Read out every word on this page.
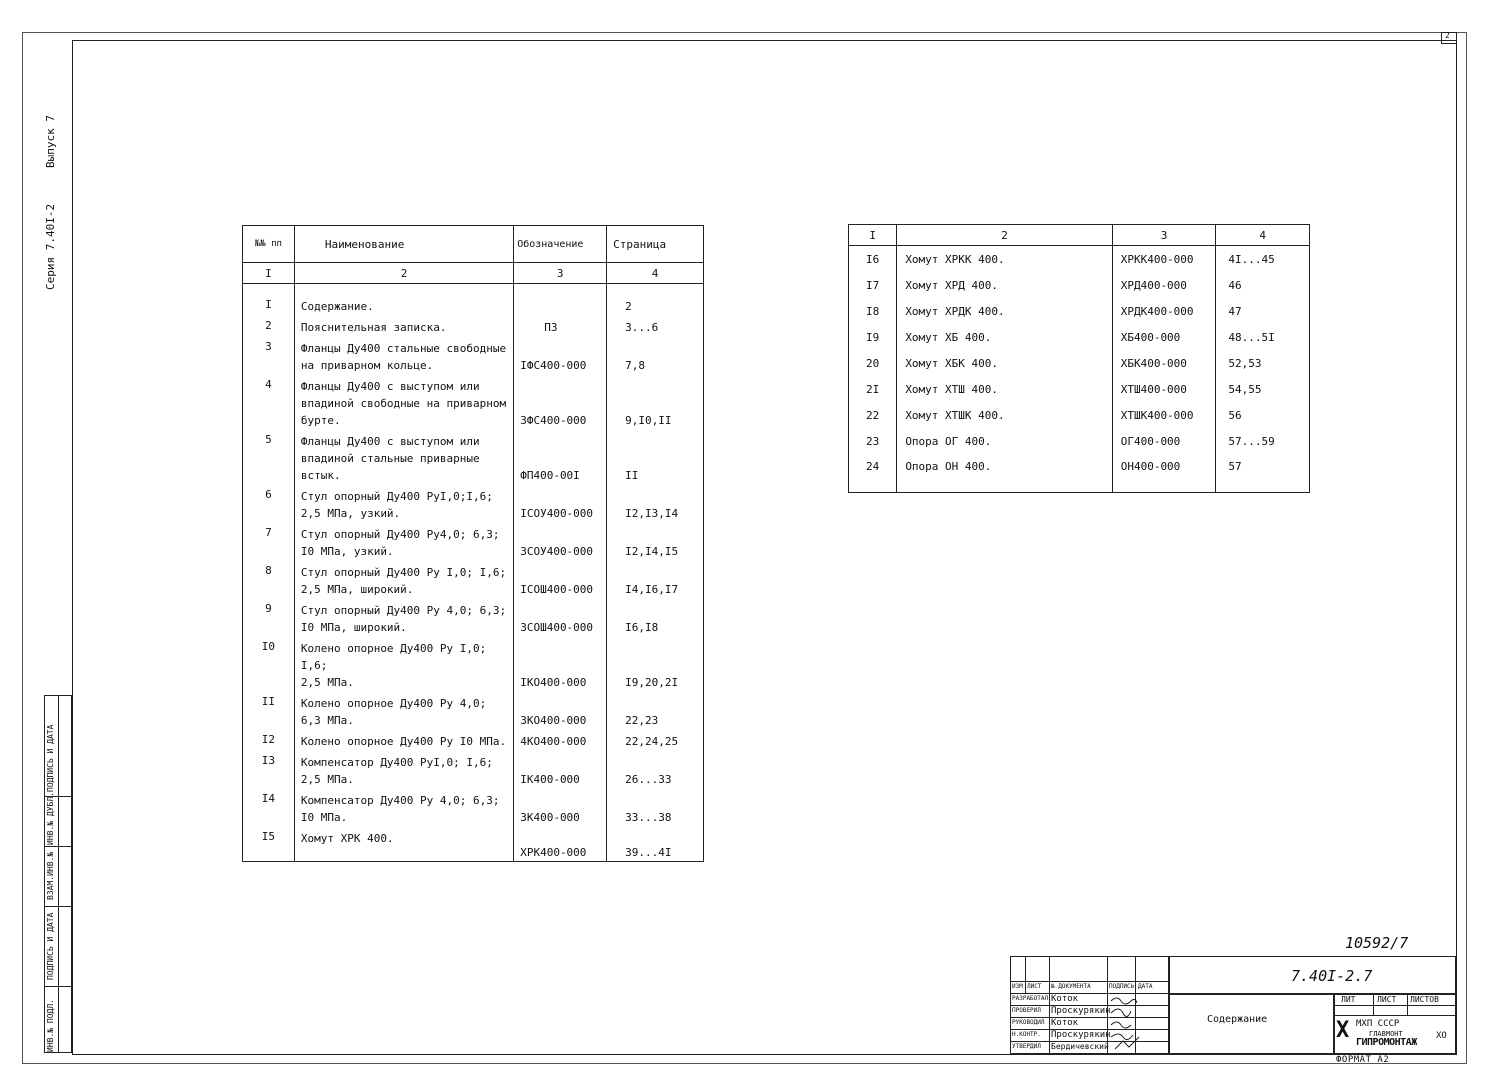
2
Серия 7.40I-2
Выпуск 7
ИНВ.№ ПОДЛ.
ПОДПИСЬ И ДАТА
ВЗАМ.ИНВ.№
ИНВ.№ ДУБЛ.
ПОДПИСЬ И ДАТА
№№ пп	Наименование	Обозначение	Страница
I	2	3	4
I	Содержание.		2
2	Пояснительная записка.	ПЗ	3...6
3	Фланцы Ду400 стальные свободные
на приварном кольце.	IФС400-000	7,8
4	Фланцы Ду400 с выступом или
впадиной свободные на приварном
бурте.	3ФС400-000	9,I0,II
5	Фланцы Ду400 с выступом или
впадиной стальные приварные
встык.	ФП400-00I	II
6	Стул опорный Ду400 РуI,0;I,6;
2,5 МПа, узкий.	IСОУ400-000	I2,I3,I4
7	Стул опорный Ду400 Ру4,0; 6,3;
I0 МПа, узкий.	3СОУ400-000	I2,I4,I5
8	Стул опорный Ду400 Ру I,0; I,6;
2,5 МПа, широкий.	IСОШ400-000	I4,I6,I7
9	Стул опорный Ду400 Ру 4,0; 6,3;
I0 МПа, широкий.	3СОШ400-000	I6,I8
I0	Колено опорное Ду400 Ру I,0; I,6;
2,5 МПа.	IКО400-000	I9,20,2I
II	Колено опорное Ду400 Ру 4,0;
6,3 МПа.	3КО400-000	22,23
I2	Колено опорное Ду400 Ру I0 МПа.	4КО400-000	22,24,25
I3	Компенсатор Ду400 РуI,0; I,6;
2,5 МПа.	IК400-000	26...33
I4	Компенсатор Ду400 Ру 4,0; 6,3;
I0 МПа.	3К400-000	33...38
I5	Хомут ХРК 400.	ХРК400-000	39...4I
I	2	3	4
I6	Хомут ХРКК 400.	ХРКК400-000	4I...45
I7	Хомут ХРД 400.	ХРД400-000	46
I8	Хомут ХРДК 400.	ХРДК400-000	47
I9	Хомут ХБ 400.	ХБ400-000	48...5I
20	Хомут ХБК 400.	ХБК400-000	52,53
2I	Хомут ХТШ 400.	ХТШ400-000	54,55
22	Хомут ХТШК 400.	ХТШК400-000	56
23	Опора ОГ 400.	ОГ400-000	57...59
24	Опора ОН 400.	ОН400-000	57
10592/7
ИЗМ ЛИСТ № ДОКУМЕНТА	ПОДПИСЬ ДАТА
РАЗРАБОТАЛ Коток
ПРОВЕРИЛ Проскурякин
РУКОВОДИЛ Коток
Н.КОНТР. Проскурякин
УТВЕРДИЛ Бердичевский
7.40I-2.7
Содержание
ЛИТ	ЛИСТ ЛИСТОВ
Х МХП СССР
ГЛАВМОНТ
ГИПРОМОНТАЖ
ХО
ФОРМАТ А2
